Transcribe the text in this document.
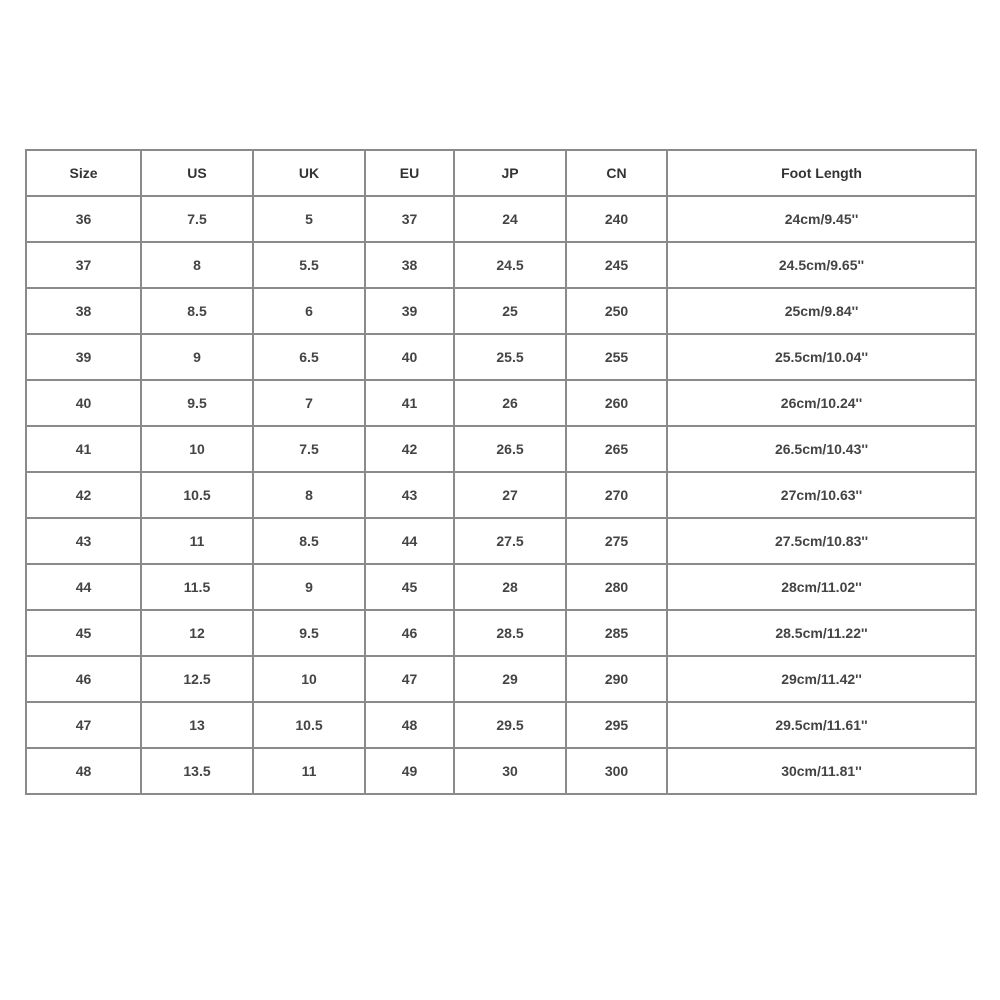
Size	US	UK	EU	JP	CN	Foot Length
36	7.5	5	37	24	240	24cm/9.45''
37	8	5.5	38	24.5	245	24.5cm/9.65''
38	8.5	6	39	25	250	25cm/9.84''
39	9	6.5	40	25.5	255	25.5cm/10.04''
40	9.5	7	41	26	260	26cm/10.24''
41	10	7.5	42	26.5	265	26.5cm/10.43''
42	10.5	8	43	27	270	27cm/10.63''
43	11	8.5	44	27.5	275	27.5cm/10.83''
44	11.5	9	45	28	280	28cm/11.02''
45	12	9.5	46	28.5	285	28.5cm/11.22''
46	12.5	10	47	29	290	29cm/11.42''
47	13	10.5	48	29.5	295	29.5cm/11.61''
48	13.5	11	49	30	300	30cm/11.81''
